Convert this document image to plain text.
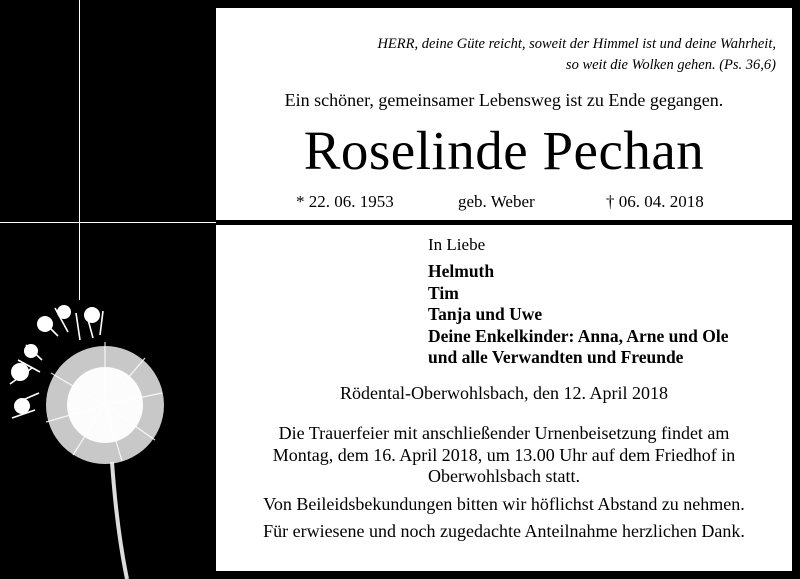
HERR, deine Güte reicht, soweit der Himmel ist und deine Wahrheit,
so weit die Wolken gehen. (Ps. 36,6)
Ein schöner, gemeinsamer Lebensweg ist zu Ende gegangen.
Roselinde Pechan
* 22. 06. 1953	geb. Weber	† 06. 04. 2018
In Liebe
Helmuth
Tim
Tanja und Uwe
Deine Enkelkinder: Anna, Arne und Ole
und alle Verwandten und Freunde
Rödental-Oberwohlsbach, den 12. April 2018
Die Trauerfeier mit anschließender Urnenbeisetzung findet am
Montag, dem 16. April 2018, um 13.00 Uhr auf dem Friedhof in
Oberwohlsbach statt.
Von Beileidsbekundungen bitten wir höflichst Abstand zu nehmen.
Für erwiesene und noch zugedachte Anteilnahme herzlichen Dank.
